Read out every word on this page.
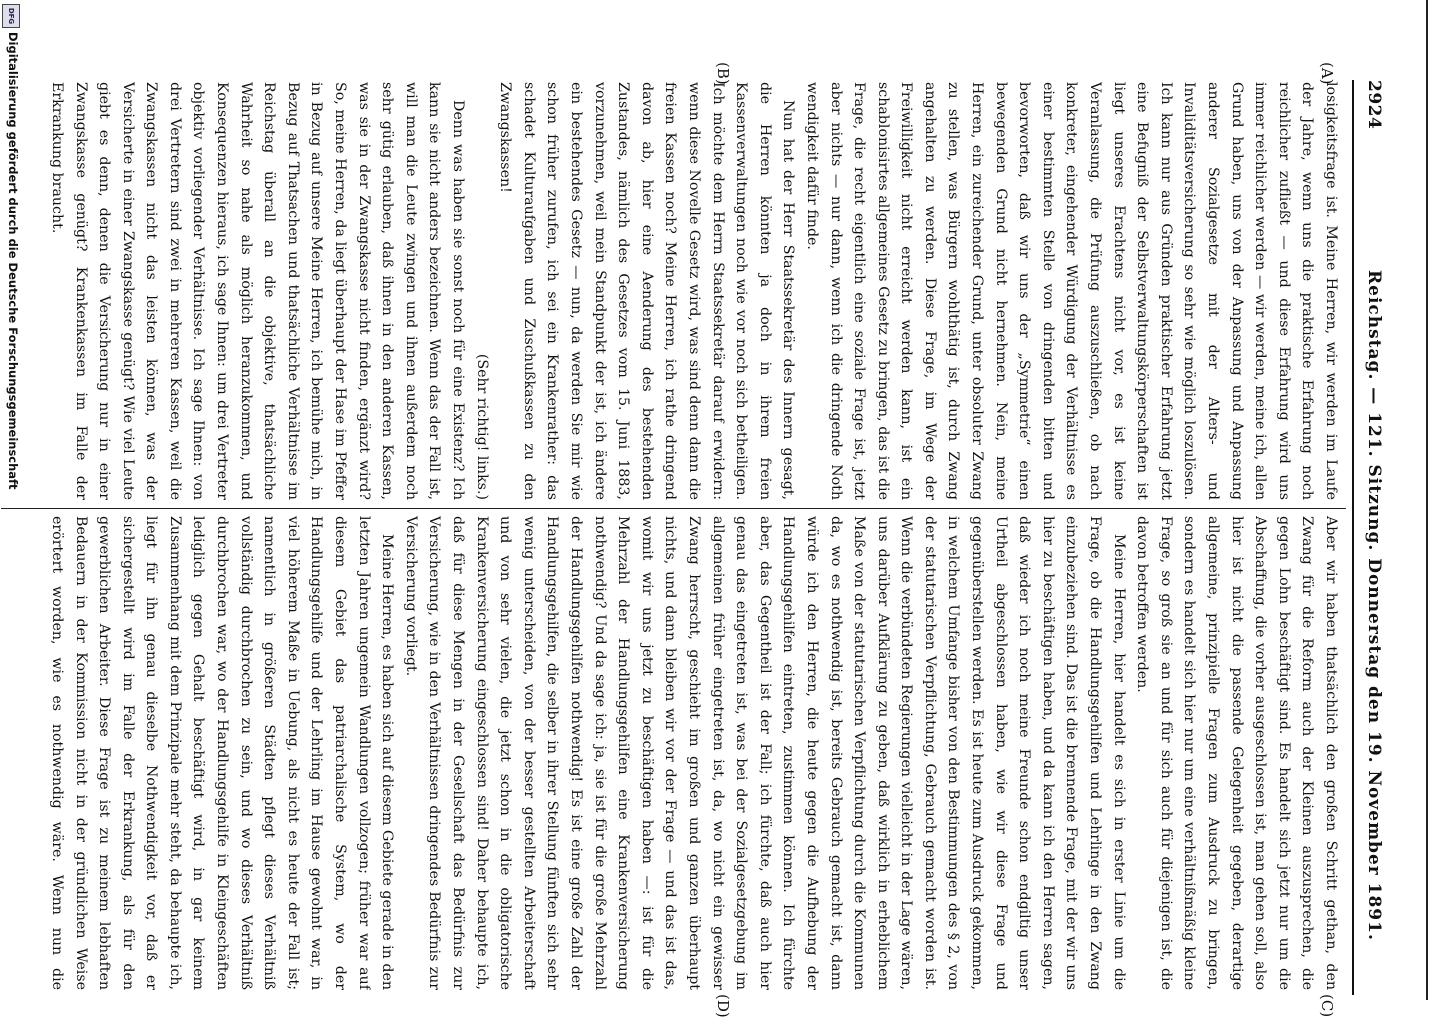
2924
Reichstag. — 121. Sitzung. Donnerstag den 19. November 1891.
(A)
(B)
(C)
(D)

losigkeitsfrage ist. Meine Herren, wir werden im Laufe der Jahre, wenn uns die praktische Erfahrung noch reichlicher zufließt — und diese Erfahrung wird uns immer reichlicher werden — wir werden, meine ich, allen Grund haben, uns von der Anpassung und Anpassung anderer Sozialgesetze mit der Alters- und Invaliditätsversicherung so sehr wie möglich loszulösen. Ich kann nur aus Gründen praktischer Erfahrung jetzt eine Befugniß der Selbstverwaltungskörperschaften ist liegt unseres Erachtens nicht vor, es ist keine Veranlassung, die Prüfung auszuschließen, ob nach konkreter, eingehender Würdigung der Verhältnisse es einer bestimmten Stelle von dringenden bitten und bevorworten, daß wir uns der „Symmetrie“ einen bewegenden Grund nicht hernehmen. Nein, meine Herren, ein zureichender Grund, unter obsoluter Zwang zu stellen, was Bürgern wohlthätig ist, durch Zwang angehalten zu werden. Diese Frage, im Wege der Freiwilligkeit nicht erreicht werden kann, ist ein schablonisirtes allgemeines Gesetz zu bringen, das ist die Frage, die recht eigentlich eine soziale Frage ist, jetzt aber nichts — nur dann, wenn ich die dringende Noth wendigkeit dafür finde.

Nun hat der Herr Staatssekretär des Innern gesagt, die Herren könnten ja doch in ihrem freien Kassenverwaltungen noch wie vor noch sich betheiligen. Ich möchte dem Herrn Staatssekretär darauf erwidern: wenn diese Novelle Gesetz wird, was sind denn dann die freien Kassen noch? Meine Herren, ich rathe dringend davon ab, hier eine Aenderung des bestehenden Zustandes, nämlich des Gesetzes vom 15. Juni 1883, vorzunehmen, weil mein Standpunkt der ist, ich ändere ein bestehendes Gesetz — nun, da werden Sie mir wie schon früher zurufen, ich sei ein Krankenrather: das schadet Kulturaufgaben und Zuschußkassen zu den Zwangskassen!

(Sehr richtig! links.)

Denn was haben sie sonst noch für eine Existenz? Ich kann sie nicht anders bezeichnen. Wenn das der Fall ist, will man die Leute zwingen und ihnen außerdem noch sehr gütig erlauben, daß ihnen in den anderen Kassen, was sie in der Zwangskasse nicht finden, ergänzt wird? So, meine Herren, da liegt überhaupt der Hase im Pfeffer in Bezug auf unsere Meine Herren, ich bemühe mich, in Bezug auf Thatsachen und thatsächliche Verhältnisse im Reichstag überall an die objektive, thatsächliche Wahrheit so nahe als möglich heranzukommen, und Konsequenzen hieraus, ich sage Ihnen: um drei Vertreter objektiv vorliegender Verhältnisse. Ich sage Ihnen: von drei Vertretern sind zwei in mehreren Kassen, weil die Zwangskassen nicht das leisten können, was der Versicherte in einer Zwangskasse genügt? Wie viel Leute giebt es denn, denen die Versicherung nur in einer Zwangskasse genügt? Krankenkassen im Falle der Erkrankung braucht.

Aber wir haben thatsächlich den großen Schritt gethan, den Zwang für die Reform auch der Kleinen auszusprechen, die gegen Lohn beschäftigt sind. Es handelt sich jetzt nur um die Abschaffung, die vorher ausgeschlossen ist, man gehen soll, also hier ist nicht die passende Gelegenheit gegeben, derartige allgemeine, prinzipielle Fragen zum Ausdruck zu bringen, sondern es handelt sich hier nur um eine verhältnißmäßig kleine Frage, so groß sie an und für sich auch für diejenigen ist, die davon betroffen werden.

Meine Herren, hier handelt es sich in erster Linie um die Frage, ob die Handlungsgehilfen und Lehrlinge in den Zwang einzubeziehen sind. Das ist die brennende Frage, mit der wir uns hier zu beschäftigen haben, und da kann ich den Herren sagen, daß wieder ich noch meine Freunde schon endgiltig unser Urtheil abgeschlossen haben, wie wir diese Frage und gegenüberstellen werden. Es ist heute zum Ausdruck gekommen, in welchem Umfange bisher von den Bestimmungen des § 2, von der statutarischen Verpflichtung, Gebrauch gemacht worden ist. Wenn die verbündeten Regierungen vielleicht in der Lage wären, uns darüber Aufklärung zu geben, daß wirklich in erheblichem Maße von der statutarischen Verpflichtung durch die Kommunen da, wo es nothwendig ist, bereits Gebrauch gemacht ist, dann würde ich den Herren, die heute gegen die Aufhebung der Handlungsgehilfen eintreten, zustimmen können. Ich fürchte aber, das Gegentheil ist der Fall; ich fürchte, daß auch hier genau das eingetreten ist, was bei der Sozialgesetzgebung im allgemeinen früher eingetreten ist, da, wo nicht ein gewisser Zwang herrscht, geschieht im großen und ganzen überhaupt nichts, und dann bleiben wir vor der Frage — und das ist das, womit wir uns jetzt zu beschäftigen haben —: ist für die Mehrzahl der Handlungsgehilfen eine Krankenversicherung nothwendig? Und da sage ich: ja, sie ist für die große Mehrzahl der Handlungsgehilfen nothwendig! Es ist eine große Zahl der Handlungsgehilfen, die selber in ihrer Stellung fünften sich sehr wenig unterscheiden, von der besser gestellten Arbeiterschaft und von sehr vielen, die jetzt schon in die obligatorische Krankenversicherung eingeschlossen sind! Daher behaupte ich, daß für diese Mengen in der Gesellschaft das Bedürfnis zur Versicherung, wie in den Verhältnissen dringendes Bedürfnis zur Versicherung vorliegt.

Meine Herren, es haben sich auf diesem Gebiete gerade in den letzten Jahren ungemein Wandlungen vollzogen; früher war auf diesem Gebiet das patriarchalische System, wo der Handlungsgehilfe und der Lehrling im Hause gewohnt war, in viel höherem Maße in Uebung, als nicht es heute der Fall ist; namentlich in größeren Städten pflegt dieses Verhältniß vollständig durchbrochen zu sein, und wo dieses Verhältniß durchbrochen war, wo der Handlungsgehilfe in Kleingeschäften lediglich gegen Gehalt beschäftigt wird, in gar keinem Zusammenhang mit dem Prinzipale mehr steht, da behaupte ich, liegt für ihn genau dieselbe Nothwendigkeit vor, daß er sichergestellt wird im Falle der Erkrankung, als für den gewerblichen Arbeiter. Diese Frage ist zu meinem lebhaften Bedauern in der Kommission nicht in der gründlichen Weise erörtert worden, wie es nothwendig wäre. Wenn nun die

DFG
Digitalisierung gefördert durch die Deutsche Forschungsgemeinschaft
